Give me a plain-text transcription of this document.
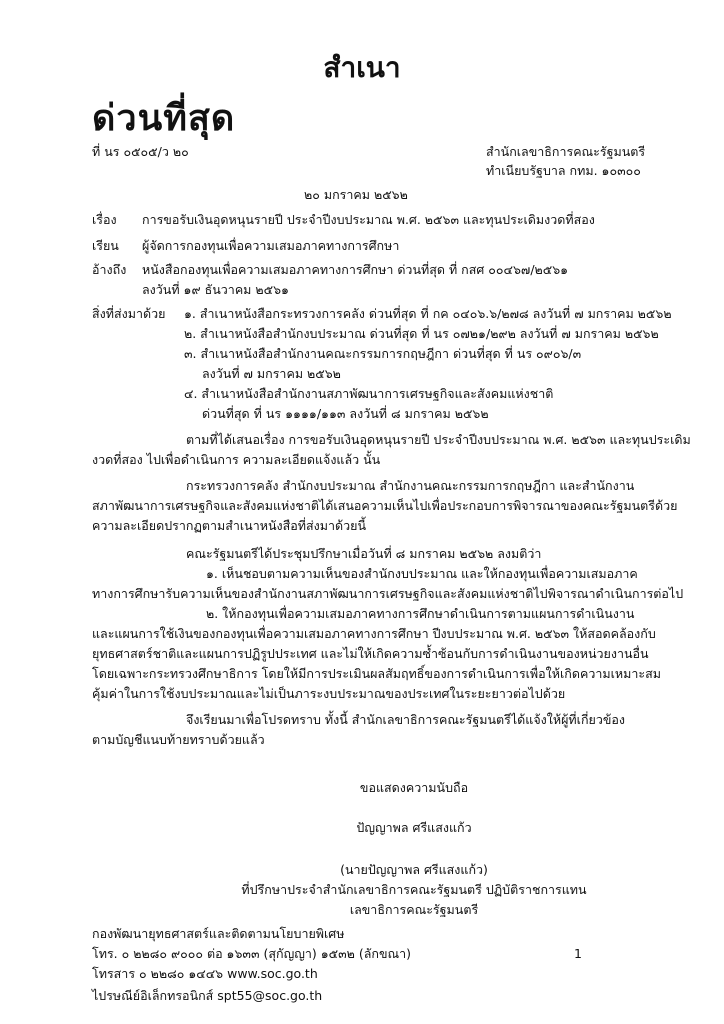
สำเนา
ด่วนที่สุด
ที่ นร ๐๕๐๕/ว ๒๐	สำนักเลขาธิการคณะรัฐมนตรี
ทำเนียบรัฐบาล กทม. ๑๐๓๐๐
๒๐ มกราคม ๒๕๖๒
เรื่อง	การขอรับเงินอุดหนุนรายปี ประจำปีงบประมาณ พ.ศ. ๒๕๖๓ และทุนประเดิมงวดที่สอง
เรียน	ผู้จัดการกองทุนเพื่อความเสมอภาคทางการศึกษา
อ้างถึง	หนังสือกองทุนเพื่อความเสมอภาคทางการศึกษา ด่วนที่สุด ที่ กสศ ๐๐๔๖๗/๒๕๖๑
ลงวันที่ ๑๙ ธันวาคม ๒๕๖๑
สิ่งที่ส่งมาด้วย	๑. สำเนาหนังสือกระทรวงการคลัง ด่วนที่สุด ที่ กค ๐๔๐๖.๖/๒๗๘ ลงวันที่ ๗ มกราคม ๒๕๖๒
๒. สำเนาหนังสือสำนักงบประมาณ ด่วนที่สุด ที่ นร ๐๗๒๑/๒๙๒ ลงวันที่ ๗ มกราคม ๒๕๖๒
๓. สำเนาหนังสือสำนักงานคณะกรรมการกฤษฎีกา ด่วนที่สุด ที่ นร ๐๙๐๖/๓
ลงวันที่ ๗ มกราคม ๒๕๖๒
๔. สำเนาหนังสือสำนักงานสภาพัฒนาการเศรษฐกิจและสังคมแห่งชาติ
ด่วนที่สุด ที่ นร ๑๑๑๑/๑๑๓ ลงวันที่ ๘ มกราคม ๒๕๖๒
ตามที่ได้เสนอเรื่อง การขอรับเงินอุดหนุนรายปี ประจำปีงบประมาณ พ.ศ. ๒๕๖๓ และทุนประเดิม
งวดที่สอง ไปเพื่อดำเนินการ ความละเอียดแจ้งแล้ว นั้น
กระทรวงการคลัง สำนักงบประมาณ สำนักงานคณะกรรมการกฤษฎีกา และสำนักงาน
สภาพัฒนาการเศรษฐกิจและสังคมแห่งชาติได้เสนอความเห็นไปเพื่อประกอบการพิจารณาของคณะรัฐมนตรีด้วย
ความละเอียดปรากฏตามสำเนาหนังสือที่ส่งมาด้วยนี้
คณะรัฐมนตรีได้ประชุมปรึกษาเมื่อวันที่ ๘ มกราคม ๒๕๖๒ ลงมติว่า
๑. เห็นชอบตามความเห็นของสำนักงบประมาณ และให้กองทุนเพื่อความเสมอภาค
ทางการศึกษารับความเห็นของสำนักงานสภาพัฒนาการเศรษฐกิจและสังคมแห่งชาติไปพิจารณาดำเนินการต่อไป
๒. ให้กองทุนเพื่อความเสมอภาคทางการศึกษาดำเนินการตามแผนการดำเนินงาน
และแผนการใช้เงินของกองทุนเพื่อความเสมอภาคทางการศึกษา ปีงบประมาณ พ.ศ. ๒๕๖๓ ให้สอดคล้องกับ
ยุทธศาสตร์ชาติและแผนการปฏิรูปประเทศ และไม่ให้เกิดความซ้ำซ้อนกับการดำเนินงานของหน่วยงานอื่น
โดยเฉพาะกระทรวงศึกษาธิการ โดยให้มีการประเมินผลสัมฤทธิ์ของการดำเนินการเพื่อให้เกิดความเหมาะสม
คุ้มค่าในการใช้งบประมาณและไม่เป็นภาระงบประมาณของประเทศในระยะยาวต่อไปด้วย
จึงเรียนมาเพื่อโปรดทราบ ทั้งนี้ สำนักเลขาธิการคณะรัฐมนตรีได้แจ้งให้ผู้ที่เกี่ยวข้อง
ตามบัญชีแนบท้ายทราบด้วยแล้ว
ขอแสดงความนับถือ
ปัญญาพล ศรีแสงแก้ว
(นายปัญญาพล ศรีแสงแก้ว)
ที่ปรึกษาประจำสำนักเลขาธิการคณะรัฐมนตรี ปฏิบัติราชการแทน
เลขาธิการคณะรัฐมนตรี
กองพัฒนายุทธศาสตร์และติดตามนโยบายพิเศษ
โทร. ๐ ๒๒๘๐ ๙๐๐๐ ต่อ ๑๖๓๓ (สุกัญญา) ๑๕๓๒ (ลักขณา)	1
โทรสาร ๐ ๒๒๘๐ ๑๔๔๖ www.soc.go.th
ไปรษณีย์อิเล็กทรอนิกส์ spt55@soc.go.th
